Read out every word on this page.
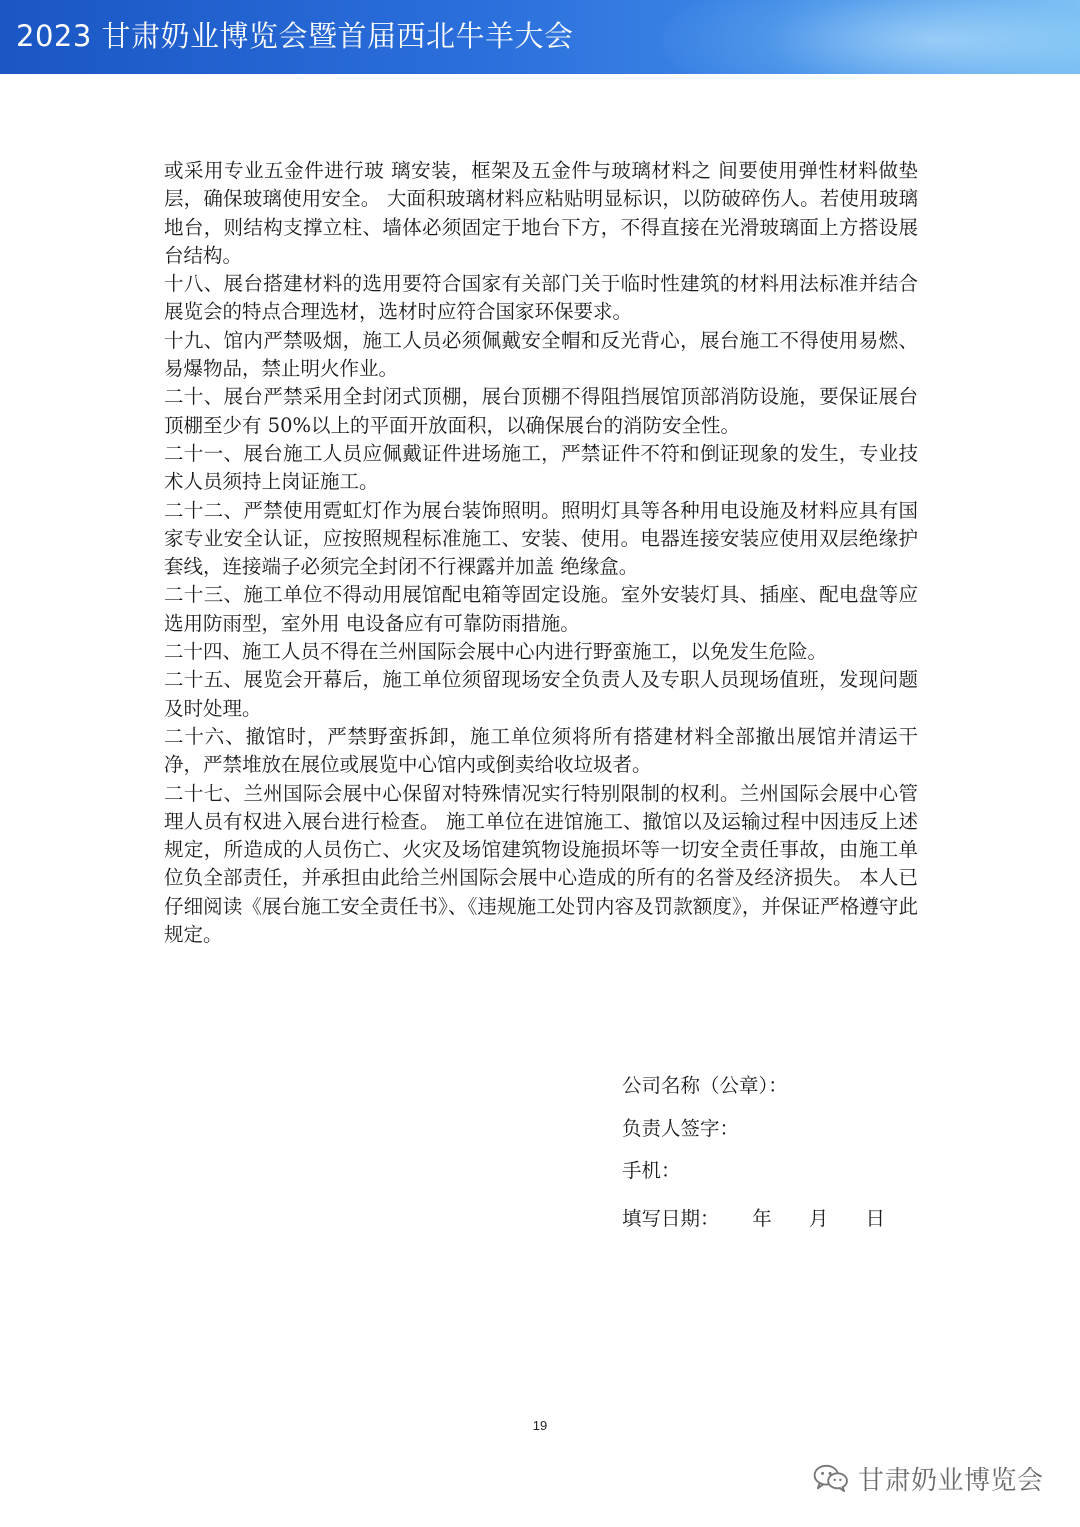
2023 甘肃奶业博览会暨首届西北牛羊大会

或采用专业五金件进行玻 璃安装，框架及五金件与玻璃材料之 间要使用弹性材料做垫层，确保玻璃使用安全。 大面积玻璃材料应粘贴明显标识，以防破碎伤人。若使用玻璃地台，则结构支撑立柱、墙体必须固定于地台下方，不得直接在光滑玻璃面上方搭设展台结构。

十八、展台搭建材料的选用要符合国家有关部门关于临时性建筑的材料用法标准并结合展览会的特点合理选材，选材时应符合国家环保要求。

十九、馆内严禁吸烟，施工人员必须佩戴安全帽和反光背心，展台施工不得使用易燃、易爆物品，禁止明火作业。

二十、展台严禁采用全封闭式顶棚，展台顶棚不得阻挡展馆顶部消防设施，要保证展台顶棚至少有 50%以上的平面开放面积，以确保展台的消防安全性。

二十一、展台施工人员应佩戴证件进场施工，严禁证件不符和倒证现象的发生，专业技术人员须持上岗证施工。

二十二、严禁使用霓虹灯作为展台装饰照明。照明灯具等各种用电设施及材料应具有国家专业安全认证，应按照规程标准施工、安装、使用。电器连接安装应使用双层绝缘护套线，连接端子必须完全封闭不行裸露并加盖 绝缘盒。

二十三、施工单位不得动用展馆配电箱等固定设施。室外安装灯具、插座、配电盘等应选用防雨型，室外用 电设备应有可靠防雨措施。

二十四、施工人员不得在兰州国际会展中心内进行野蛮施工，以免发生危险。

二十五、展览会开幕后，施工单位须留现场安全负责人及专职人员现场值班，发现问题及时处理。

二十六、撤馆时，严禁野蛮拆卸，施工单位须将所有搭建材料全部撤出展馆并清运干净，严禁堆放在展位或展览中心馆内或倒卖给收垃圾者。

二十七、兰州国际会展中心保留对特殊情况实行特别限制的权利。兰州国际会展中心管理人员有权进入展台进行检查。 施工单位在进馆施工、撤馆以及运输过程中因违反上述规定，所造成的人员伤亡、火灾及场馆建筑物设施损坏等一切安全责任事故，由施工单位负全部责任，并承担由此给兰州国际会展中心造成的所有的名誉及经济损失。 本人已仔细阅读《展台施工安全责任书》、《违规施工处罚内容及罚款额度》，并保证严格遵守此规定。

公司名称（公章）：
负责人签字：
手机：
填写日期：	年	月	日
19
甘肃奶业博览会
